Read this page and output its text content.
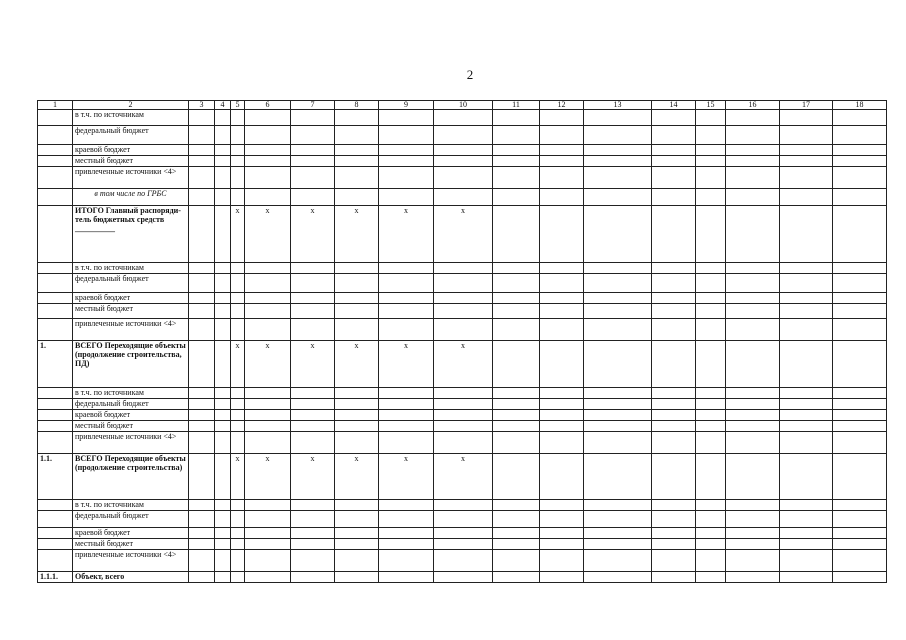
2
1	2	3	4	5	6	7	8	9	10	11	12	13	14	15	16	17	18
	в т.ч. по источникам																
	федеральный бюджет																
	краевой бюджет																
	местный бюджет																
	привлеченные источники <4>																
	в том числе по ГРБС																
	ИТОГО Главный распоряди-тель бюджетных средств __________			x	x	x	x	x	x								
	в т.ч. по источникам																
	федеральный бюджет																
	краевой бюджет																
	местный бюджет																
	привлеченные источники <4>																
1.	ВСЕГО Переходящие объекты (продолжение строительства, ПД)			x	x	x	x	x	x								
	в т.ч. по источникам																
	федеральный бюджет																
	краевой бюджет																
	местный бюджет																
	привлеченные источники <4>																
1.1.	ВСЕГО Переходящие объекты (продолжение строительства)			x	x	x	x	x	x								
	в т.ч. по источникам																
	федеральный бюджет																
	краевой бюджет																
	местный бюджет																
	привлеченные источники <4>																
1.1.1.	Объект, всего																
